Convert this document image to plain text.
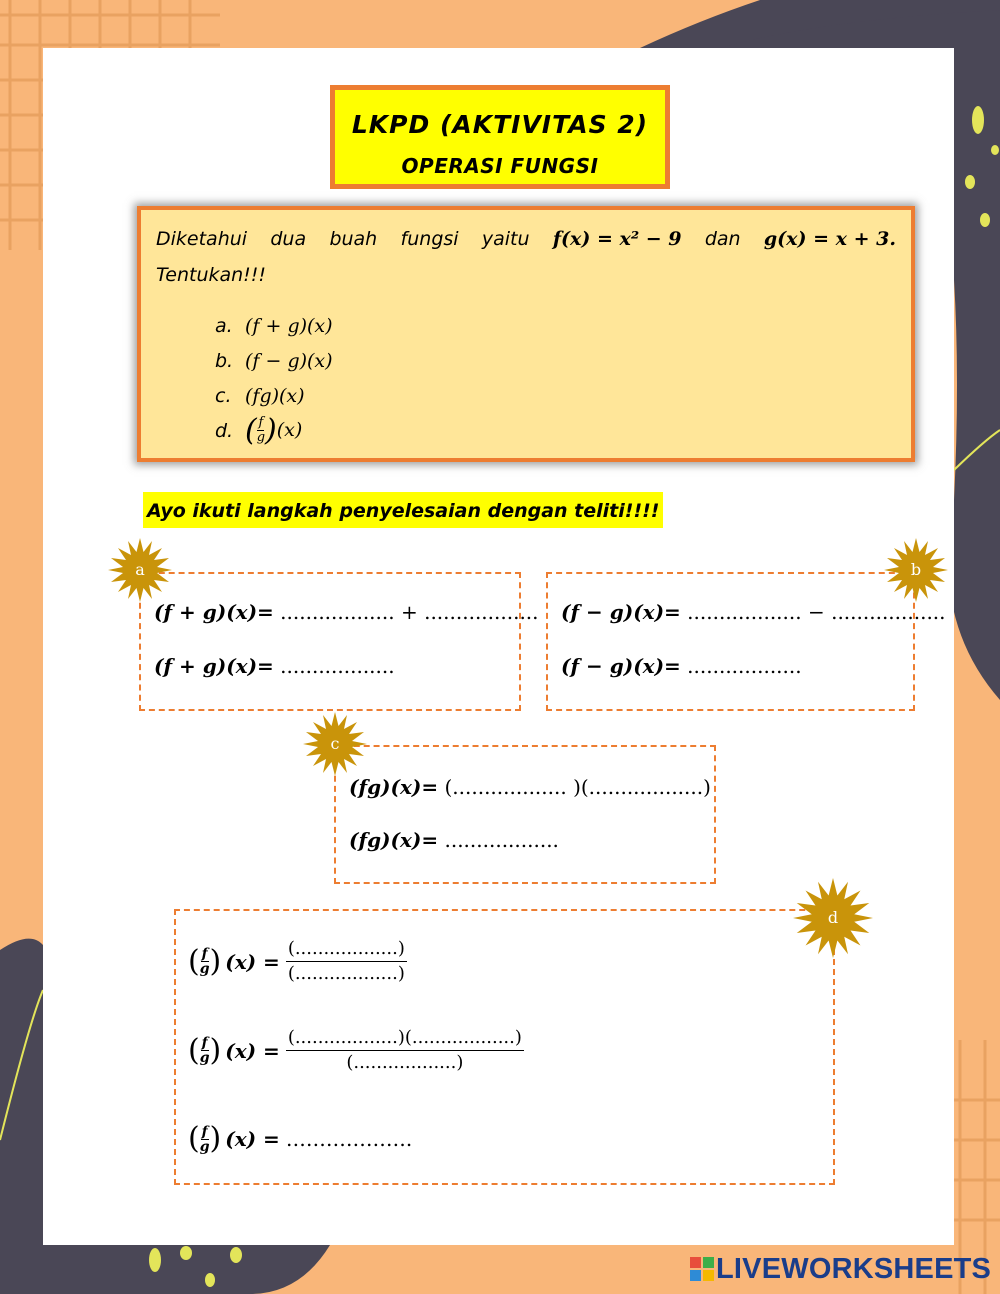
LKPD (AKTIVITAS 2)
OPERASI FUNGSI
Diketahui dua buah fungsi yaitu f(x) = x² − 9 dan g(x) = x + 3.
Tentukan!!!
a. (f + g)(x)
b. (f − g)(x)
c. (fg)(x)
d. ( $\frac{f}{g} )(x)$
Ayo ikuti langkah penyelesaian dengan teliti!!!!
(f + g)(x)= .................. + ..................
(f + g)(x)= ..................
(f − g)(x)= .................. − ..................
(f − g)(x)= ..................
(fg)(x)= (.................. )(..................)
(fg)(x)= ..................
( $\frac{f}{g}$ ) $(x) = \frac{(..................)}{(..................)}$
( $\frac{f}{g}$ ) $(x) = \frac{(..................)(..................)}{(..................)}$
( $\frac{f}{g}$ ) (x) = ……………….
a	b
c
d
LIVEWORKSHEETS
